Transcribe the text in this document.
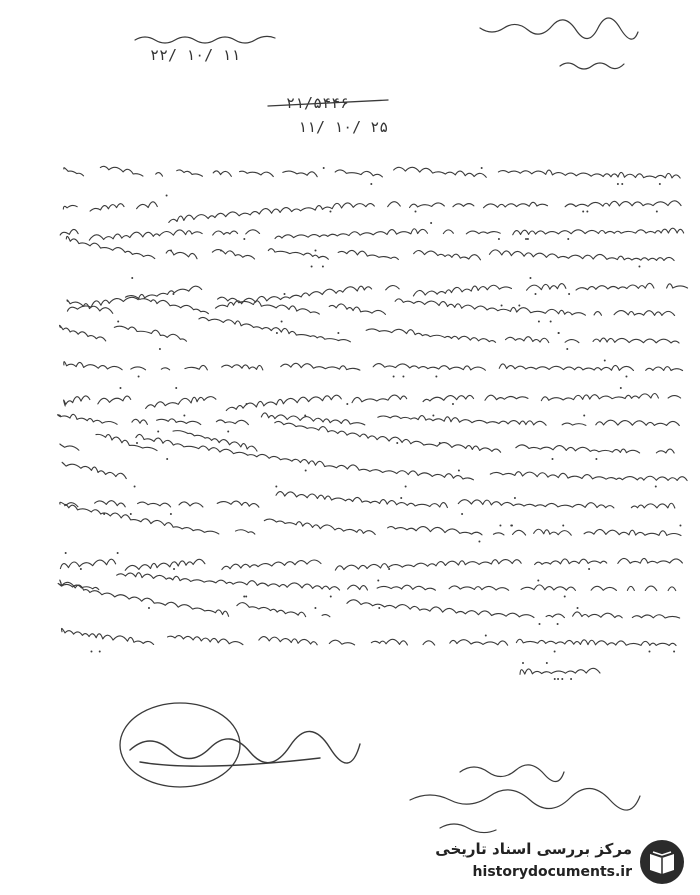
۲۲/ ۱۰/ ۱۱
۲۱/۵۴۴۶
۱۱/ ۱۰/ ۲۵
مرکز بررسی اسناد تاریخی
historydocuments.ir
